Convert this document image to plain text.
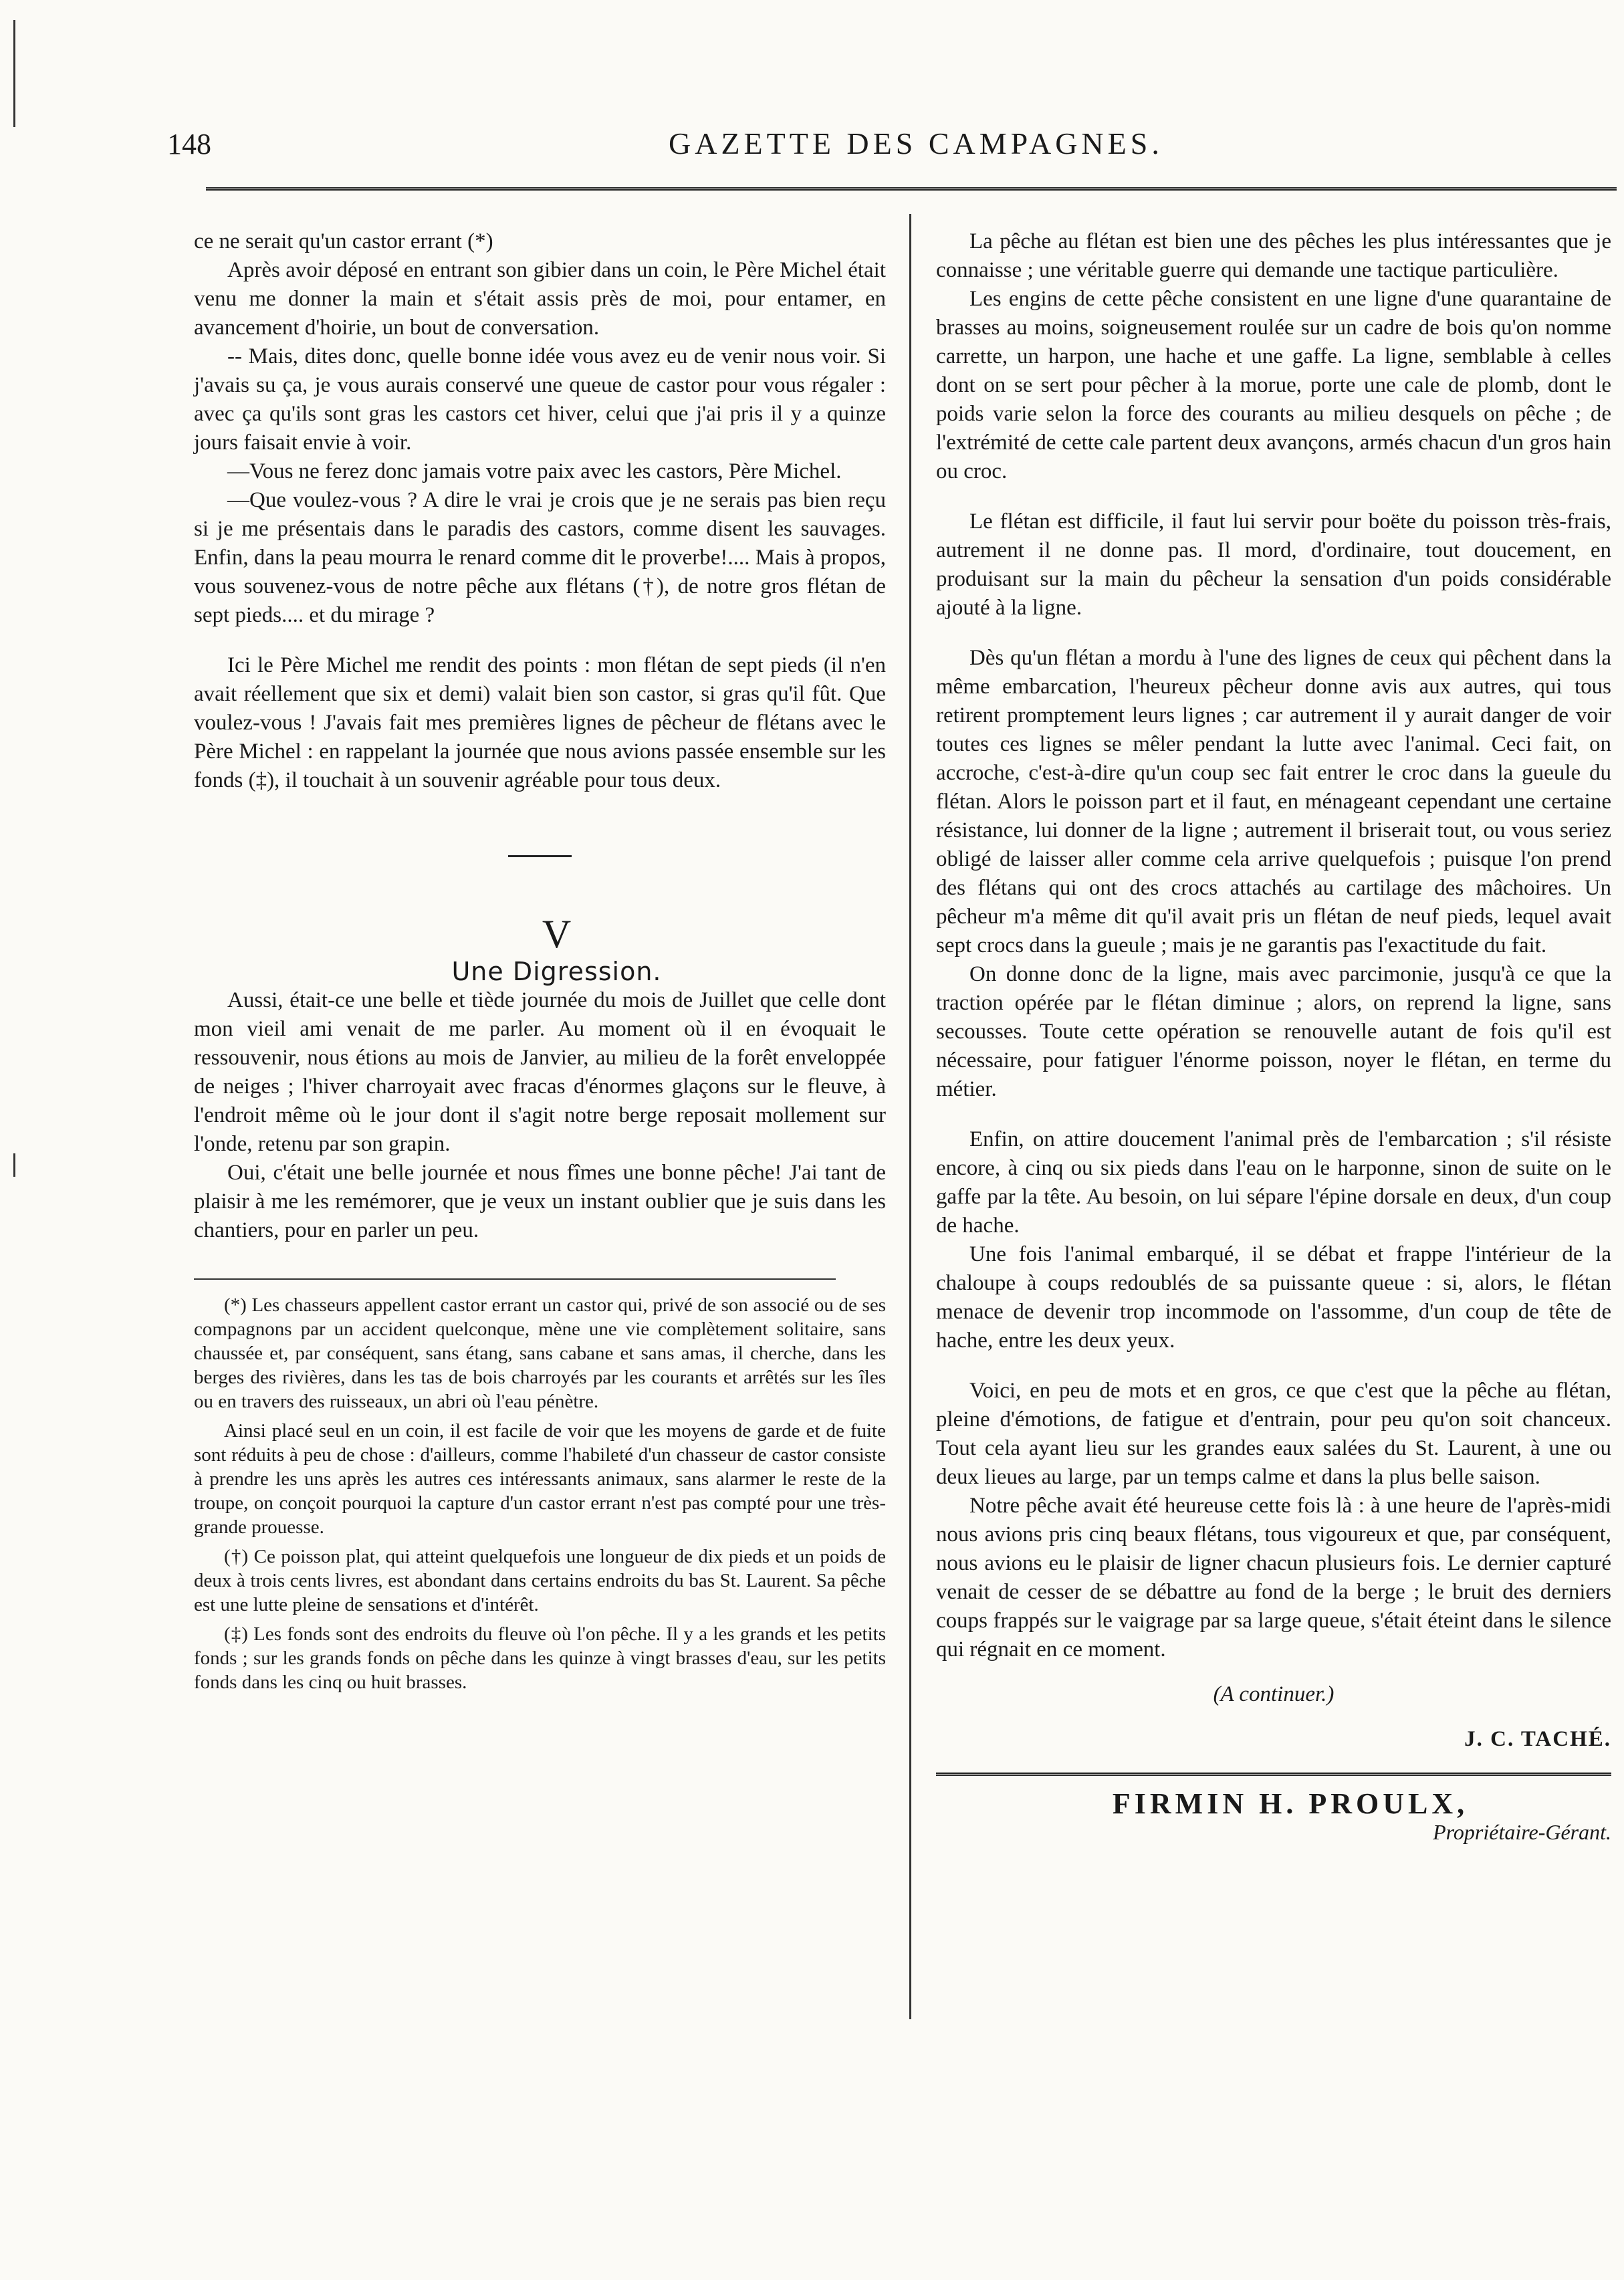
148	GAZETTE DES CAMPAGNES.

ce ne serait qu'un castor errant (*)

Après avoir déposé en entrant son gibier dans un coin, le Père Michel était venu me donner la main et s'était assis près de moi, pour entamer, en avancement d'hoirie, un bout de conversation.

-- Mais, dites donc, quelle bonne idée vous avez eu de venir nous voir. Si j'avais su ça, je vous aurais conservé une queue de castor pour vous régaler : avec ça qu'ils sont gras les castors cet hiver, celui que j'ai pris il y a quinze jours faisait envie à voir.

—Vous ne ferez donc jamais votre paix avec les castors, Père Michel.

—Que voulez-vous ? A dire le vrai je crois que je ne serais pas bien reçu si je me présentais dans le paradis des castors, comme disent les sauvages. Enfin, dans la peau mourra le renard comme dit le proverbe!.... Mais à propos, vous souvenez-vous de notre pêche aux flétans (†), de notre gros flétan de sept pieds.... et du mirage ?

Ici le Père Michel me rendit des points : mon flétan de sept pieds (il n'en avait réellement que six et demi) valait bien son castor, si gras qu'il fût. Que voulez-vous ! J'avais fait mes premières lignes de pêcheur de flétans avec le Père Michel : en rappelant la journée que nous avions passée ensemble sur les fonds (‡), il touchait à un souvenir agréable pour tous deux.

V

Une Digression.

Aussi, était-ce une belle et tiède journée du mois de Juillet que celle dont mon vieil ami venait de me parler. Au moment où il en évoquait le ressouvenir, nous étions au mois de Janvier, au milieu de la forêt enveloppée de neiges ; l'hiver charroyait avec fracas d'énormes glaçons sur le fleuve, à l'endroit même où le jour dont il s'agit notre berge reposait mollement sur l'onde, retenu par son grapin.

Oui, c'était une belle journée et nous fîmes une bonne pêche! J'ai tant de plaisir à me les remémorer, que je veux un instant oublier que je suis dans les chantiers, pour en parler un peu.

(*) Les chasseurs appellent castor errant un castor qui, privé de son associé ou de ses compagnons par un accident quelconque, mène une vie complètement solitaire, sans chaussée et, par conséquent, sans étang, sans cabane et sans amas, il cherche, dans les berges des rivières, dans les tas de bois charroyés par les courants et arrêtés sur les îles ou en travers des ruisseaux, un abri où l'eau pénètre.

Ainsi placé seul en un coin, il est facile de voir que les moyens de garde et de fuite sont réduits à peu de chose : d'ailleurs, comme l'habileté d'un chasseur de castor consiste à prendre les uns après les autres ces intéressants animaux, sans alarmer le reste de la troupe, on conçoit pourquoi la capture d'un castor errant n'est pas compté pour une très-grande prouesse.

(†) Ce poisson plat, qui atteint quelquefois une longueur de dix pieds et un poids de deux à trois cents livres, est abondant dans certains endroits du bas St. Laurent. Sa pêche est une lutte pleine de sensations et d'intérêt.

(‡) Les fonds sont des endroits du fleuve où l'on pêche. Il y a les grands et les petits fonds ; sur les grands fonds on pêche dans les quinze à vingt brasses d'eau, sur les petits fonds dans les cinq ou huit brasses.

La pêche au flétan est bien une des pêches les plus intéressantes que je connaisse ; une véritable guerre qui demande une tactique particulière.

Les engins de cette pêche consistent en une ligne d'une quarantaine de brasses au moins, soigneusement roulée sur un cadre de bois qu'on nomme carrette, un harpon, une hache et une gaffe. La ligne, semblable à celles dont on se sert pour pêcher à la morue, porte une cale de plomb, dont le poids varie selon la force des courants au milieu desquels on pêche ; de l'extrémité de cette cale partent deux avançons, armés chacun d'un gros hain ou croc.

Le flétan est difficile, il faut lui servir pour boëte du poisson très-frais, autrement il ne donne pas. Il mord, d'ordinaire, tout doucement, en produisant sur la main du pêcheur la sensation d'un poids considérable ajouté à la ligne.

Dès qu'un flétan a mordu à l'une des lignes de ceux qui pêchent dans la même embarcation, l'heureux pêcheur donne avis aux autres, qui tous retirent promptement leurs lignes ; car autrement il y aurait danger de voir toutes ces lignes se mêler pendant la lutte avec l'animal. Ceci fait, on accroche, c'est-à-dire qu'un coup sec fait entrer le croc dans la gueule du flétan. Alors le poisson part et il faut, en ménageant cependant une certaine résistance, lui donner de la ligne ; autrement il briserait tout, ou vous seriez obligé de laisser aller comme cela arrive quelquefois ; puisque l'on prend des flétans qui ont des crocs attachés au cartilage des mâchoires. Un pêcheur m'a même dit qu'il avait pris un flétan de neuf pieds, lequel avait sept crocs dans la gueule ; mais je ne garantis pas l'exactitude du fait.

On donne donc de la ligne, mais avec parcimonie, jusqu'à ce que la traction opérée par le flétan diminue ; alors, on reprend la ligne, sans secousses. Toute cette opération se renouvelle autant de fois qu'il est nécessaire, pour fatiguer l'énorme poisson, noyer le flétan, en terme du métier.

Enfin, on attire doucement l'animal près de l'embarcation ; s'il résiste encore, à cinq ou six pieds dans l'eau on le harponne, sinon de suite on le gaffe par la tête. Au besoin, on lui sépare l'épine dorsale en deux, d'un coup de hache.

Une fois l'animal embarqué, il se débat et frappe l'intérieur de la chaloupe à coups redoublés de sa puissante queue : si, alors, le flétan menace de devenir trop incommode on l'assomme, d'un coup de tête de hache, entre les deux yeux.

Voici, en peu de mots et en gros, ce que c'est que la pêche au flétan, pleine d'émotions, de fatigue et d'entrain, pour peu qu'on soit chanceux. Tout cela ayant lieu sur les grandes eaux salées du St. Laurent, à une ou deux lieues au large, par un temps calme et dans la plus belle saison.

Notre pêche avait été heureuse cette fois là : à une heure de l'après-midi nous avions pris cinq beaux flétans, tous vigoureux et que, par conséquent, nous avions eu le plaisir de ligner chacun plusieurs fois. Le dernier capturé venait de cesser de se débattre au fond de la berge ; le bruit des derniers coups frappés sur le vaigrage par sa large queue, s'était éteint dans le silence qui régnait en ce moment.

(A continuer.)

J. C. TACHÉ.

FIRMIN H. PROULX,

Propriétaire-Gérant.
